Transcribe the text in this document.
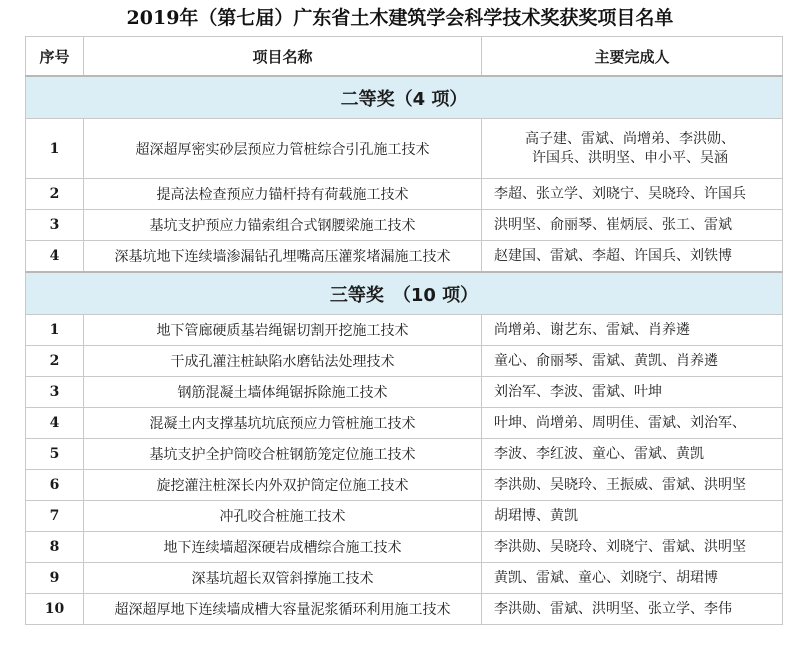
2019年（第七届）广东省土木建筑学会科学技术奖获奖项目名单
序号	项目名称	主要完成人
二等奖（4 项）		
1	超深超厚密实砂层预应力管桩综合引孔施工技术	高子建、雷斌、尚增弟、李洪勋、
许国兵、洪明坚、申小平、吴涵

2	提高法检查预应力锚杆持有荷载施工技术	李超、张立学、刘晓宁、吴晓玲、许国兵

3	基坑支护预应力锚索组合式钢腰梁施工技术	洪明坚、俞丽琴、崔炳辰、张工、雷斌

4	深基坑地下连续墙渗漏钻孔埋嘴高压灌浆堵漏施工技术	赵建国、雷斌、李超、许国兵、刘铁博

三等奖　（10 项）		
1	地下管廊硬质基岩绳锯切割开挖施工技术	尚增弟、谢艺东、雷斌、肖养遴

2	干成孔灌注桩缺陷水磨钻法处理技术	童心、俞丽琴、雷斌、黄凯、肖养遴

3	钢筋混凝土墙体绳锯拆除施工技术	刘治军、李波、雷斌、叶坤

4	混凝土内支撑基坑坑底预应力管桩施工技术	叶坤、尚增弟、周明佳、雷斌、刘治军、

5	基坑支护全护筒咬合桩钢筋笼定位施工技术	李波、李红波、童心、雷斌、黄凯

6	旋挖灌注桩深长内外双护筒定位施工技术	李洪勋、吴晓玲、王振威、雷斌、洪明坚

7	冲孔咬合桩施工技术	胡珺博、黄凯

8	地下连续墙超深硬岩成槽综合施工技术	李洪勋、吴晓玲、刘晓宁、雷斌、洪明坚

9	深基坑超长双管斜撑施工技术	黄凯、雷斌、童心、刘晓宁、胡珺博

10	超深超厚地下连续墙成槽大容量泥浆循环利用施工技术	李洪勋、雷斌、洪明坚、张立学、李伟
